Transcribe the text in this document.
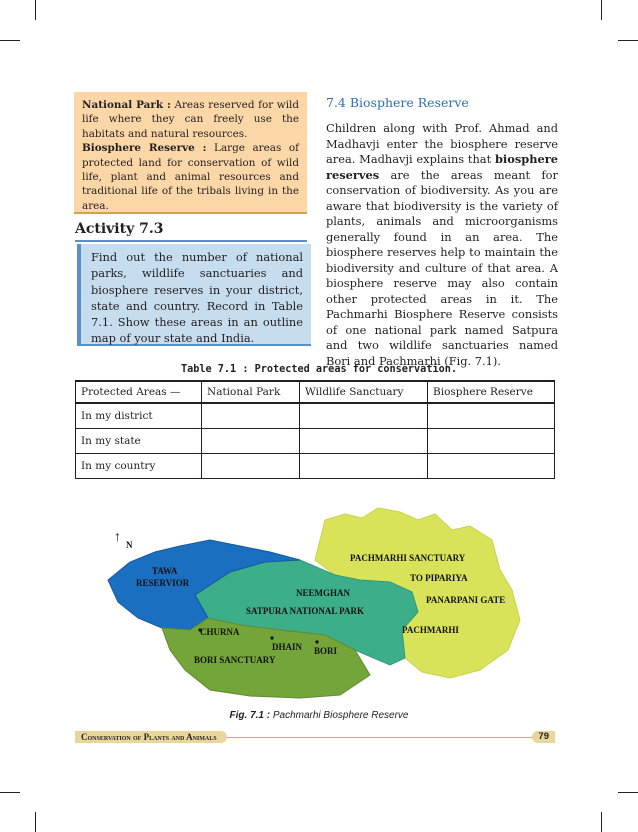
National Park : Areas reserved for wild life where they can freely use the habitats and natural resources.
Biosphere Reserve : Large areas of protected land for conservation of wild life, plant and animal resources and traditional life of the tribals living in the area.
Activity 7.3
Find out the number of national parks, wildlife sanctuaries and biosphere reserves in your district, state and country. Record in Table 7.1. Show these areas in an outline map of your state and India.
7.4 Biosphere Reserve
Children along with Prof. Ahmad and Madhavji enter the biosphere reserve area. Madhavji explains that biosphere reserves are the areas meant for conservation of biodiversity. As you are aware that biodiversity is the variety of plants, animals and microorganisms generally found in an area. The biosphere reserves help to maintain the biodiversity and culture of that area. A biosphere reserve may also contain other protected areas in it. The Pachmarhi Biosphere Reserve consists of one national park named Satpura and two wildlife sanctuaries named Bori and Pachmarhi (Fig. 7.1).
Table 7.1 : Protected areas for conservation.
Protected Areas —	National Park	Wildlife Sanctuary	Biosphere Reserve
In my district			
In my state			
In my country			
↑ N
TAWA
RESERVIOR
PACHMARHI SANCTUARY
TO PIPARIYA
NEEMGHAN
PANARPANI GATE
SATPURA NATIONAL PARK
CHURNA	PACHMARHI
DHAIN BORI
BORI SANCTUARY
Fig. 7.1 : Pachmarhi Biosphere Reserve
Conservation of Plants and Animals	79
